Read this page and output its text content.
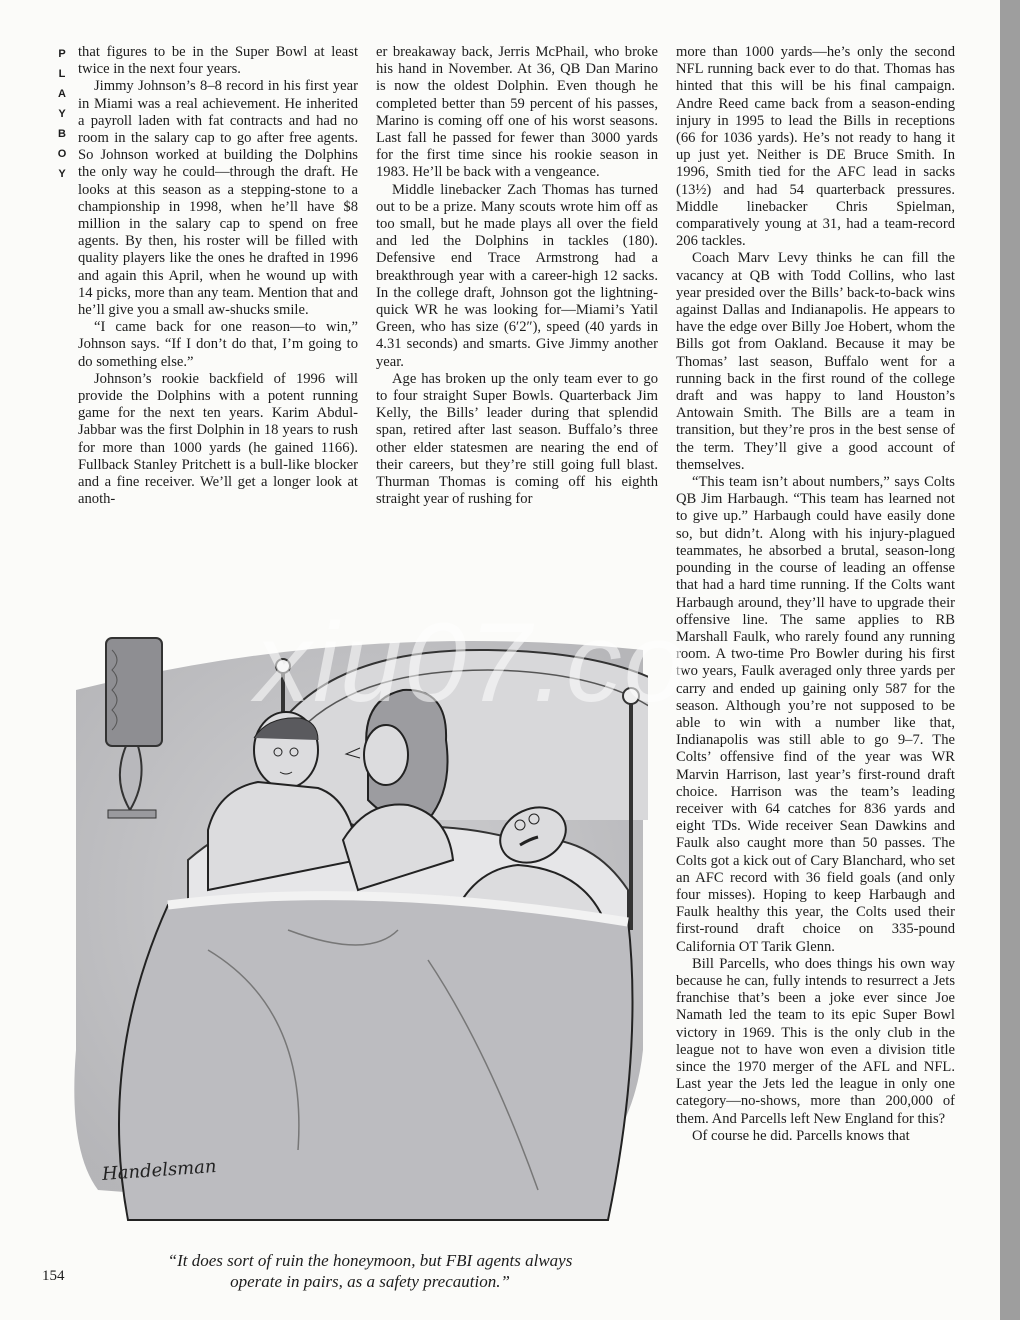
P
L
A
Y
B
O
Y

that figures to be in the Super Bowl at least twice in the next four years.

Jimmy Johnson’s 8–8 record in his first year in Miami was a real achievement. He inherited a payroll laden with fat contracts and had no room in the salary cap to go after free agents. So Johnson worked at building the Dolphins the only way he could—through the draft. He looks at this season as a stepping-stone to a championship in 1998, when he’ll have $8 million in the salary cap to spend on free agents. By then, his roster will be filled with quality players like the ones he drafted in 1996 and again this April, when he wound up with 14 picks, more than any team. Mention that and he’ll give you a small aw-shucks smile.

“I came back for one reason—to win,” Johnson says. “If I don’t do that, I’m going to do something else.”

Johnson’s rookie backfield of 1996 will provide the Dolphins with a potent running game for the next ten years. Karim Abdul-Jabbar was the first Dolphin in 18 years to rush for more than 1000 yards (he gained 1166). Fullback Stanley Pritchett is a bull-like blocker and a fine receiver. We’ll get a longer look at anoth-

er breakaway back, Jerris McPhail, who broke his hand in November. At 36, QB Dan Marino is now the oldest Dolphin. Even though he completed better than 59 percent of his passes, Marino is coming off one of his worst seasons. Last fall he passed for fewer than 3000 yards for the first time since his rookie season in 1983. He’ll be back with a vengeance.

Middle linebacker Zach Thomas has turned out to be a prize. Many scouts wrote him off as too small, but he made plays all over the field and led the Dolphins in tackles (180). Defensive end Trace Armstrong had a breakthrough year with a career-high 12 sacks. In the college draft, Johnson got the lightning-quick WR he was looking for—Miami’s Yatil Green, who has size (6′2″), speed (40 yards in 4.31 seconds) and smarts. Give Jimmy another year.

Age has broken up the only team ever to go to four straight Super Bowls. Quarterback Jim Kelly, the Bills’ leader during that splendid span, retired after last season. Buffalo’s three other elder statesmen are nearing the end of their careers, but they’re still going full blast. Thurman Thomas is coming off his eighth straight year of rushing for

more than 1000 yards—he’s only the second NFL running back ever to do that. Thomas has hinted that this will be his final campaign. Andre Reed came back from a season-ending injury in 1995 to lead the Bills in receptions (66 for 1036 yards). He’s not ready to hang it up just yet. Neither is DE Bruce Smith. In 1996, Smith tied for the AFC lead in sacks (13½) and had 54 quarterback pressures. Middle linebacker Chris Spielman, comparatively young at 31, had a team-record 206 tackles.

Coach Marv Levy thinks he can fill the vacancy at QB with Todd Collins, who last year presided over the Bills’ back-to-back wins against Dallas and Indianapolis. He appears to have the edge over Billy Joe Hobert, whom the Bills got from Oakland. Because it may be Thomas’ last season, Buffalo went for a running back in the first round of the college draft and was happy to land Houston’s Antowain Smith. The Bills are a team in transition, but they’re pros in the best sense of the term. They’ll give a good account of themselves.

“This team isn’t about numbers,” says Colts QB Jim Harbaugh. “This team has learned not to give up.” Harbaugh could have easily done so, but didn’t. Along with his injury-plagued teammates, he absorbed a brutal, season-long pounding in the course of leading an offense that had a hard time running. If the Colts want Harbaugh around, they’ll have to upgrade their offensive line. The same applies to RB Marshall Faulk, who rarely found any running room. A two-time Pro Bowler during his first two years, Faulk averaged only three yards per carry and ended up gaining only 587 for the season. Although you’re not supposed to be able to win with a number like that, Indianapolis was still able to go 9–7. The Colts’ offensive find of the year was WR Marvin Harrison, last year’s first-round draft choice. Harrison was the team’s leading receiver with 64 catches for 836 yards and eight TDs. Wide receiver Sean Dawkins and Faulk also caught more than 50 passes. The Colts got a kick out of Cary Blanchard, who set an AFC record with 36 field goals (and only four misses). Hoping to keep Harbaugh and Faulk healthy this year, the Colts used their first-round draft choice on 335-pound California OT Tarik Glenn.

Bill Parcells, who does things his own way because he can, fully intends to resurrect a Jets franchise that’s been a joke ever since Joe Namath led the team to its epic Super Bowl victory in 1969. This is the only club in the league not to have won even a division title since the 1970 merger of the AFL and NFL. Last year the Jets led the league in only one category—no-shows, more than 200,000 of them. And Parcells left New England for this?

Of course he did. Parcells knows that

Handelsman
xiu07.co
“It does sort of ruin the honeymoon, but FBI agents always
operate in pairs, as a safety precaution.”
154
